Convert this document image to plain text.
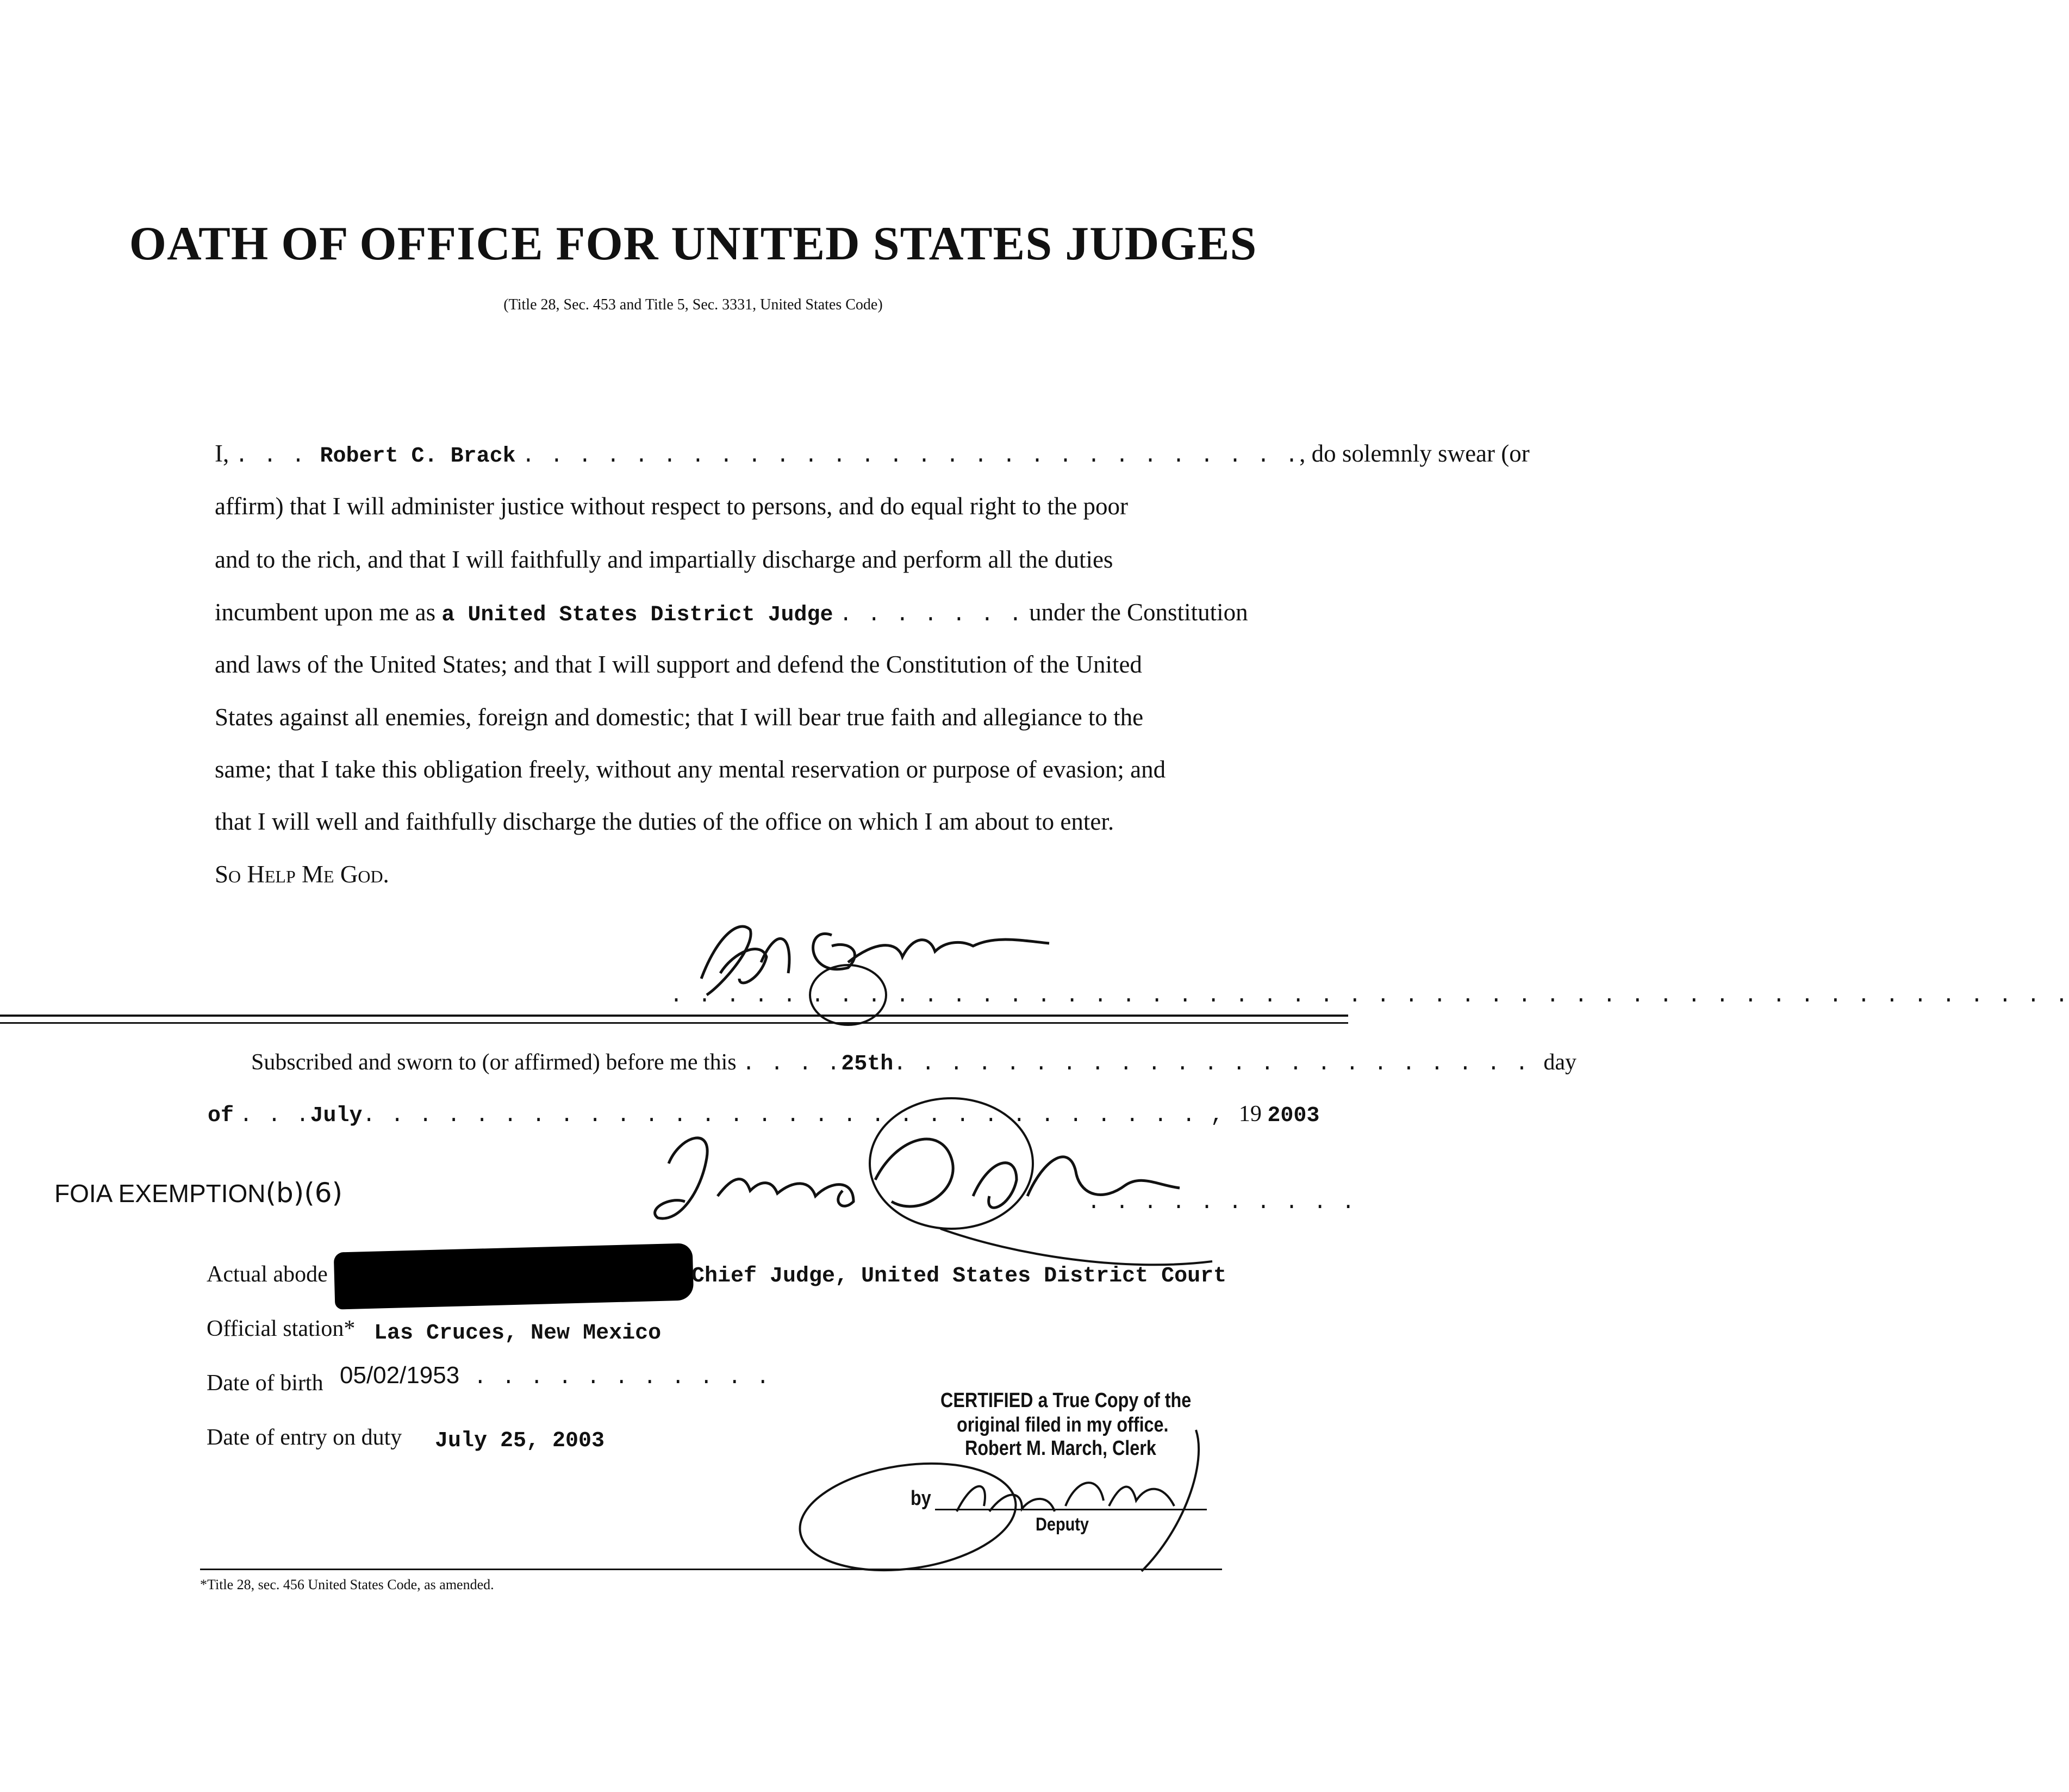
OATH OF OFFICE FOR UNITED STATES JUDGES
(Title 28, Sec. 453 and Title 5, Sec. 3331, United States Code)
I, . . . Robert C. Brack . . . . . . . . . . . . . . . . . . . . . . . . . . . ., do solemnly swear (or
affirm) that I will administer justice without respect to persons, and do equal right to the poor
and to the rich, and that I will faithfully and impartially discharge and perform all the duties
incumbent upon me as a United States District Judge . . . . . . . under the Constitution
and laws of the United States; and that I will support and defend the Constitution of the United
States against all enemies, foreign and domestic; that I will bear true faith and allegiance to the
same; that I take this obligation freely, without any mental reservation or purpose of evasion; and
that I will well and faithfully discharge the duties of the office on which I am about to enter.
So Help Me God.
. . . . . . . . . . . . . . . . . . . . . . . . . . . . . . . . . . . . . . . . . . . . . . . . . .
Subscribed and sworn to (or affirmed) before me this . . . .25th. . . . . . . . . . . . . . . . . . . . . . . day
of . . .July. . . . . . . . . . . . . . . . . . . . . . . . . . . . . . , 19 2003
FOIA EXEMPTION(b)(6)	. . . . . . . . . .
Actual abode	Chief Judge, United States District Court
Official station* Las Cruces, New Mexico
Date of birth 05/02/1953 . . . . . . . . . . .
Date of entry on duty July 25, 2003
CERTIFIED a True Copy of the
original filed in my office.
Robert M. March, Clerk
by
Deputy
*Title 28, sec. 456 United States Code, as amended.
